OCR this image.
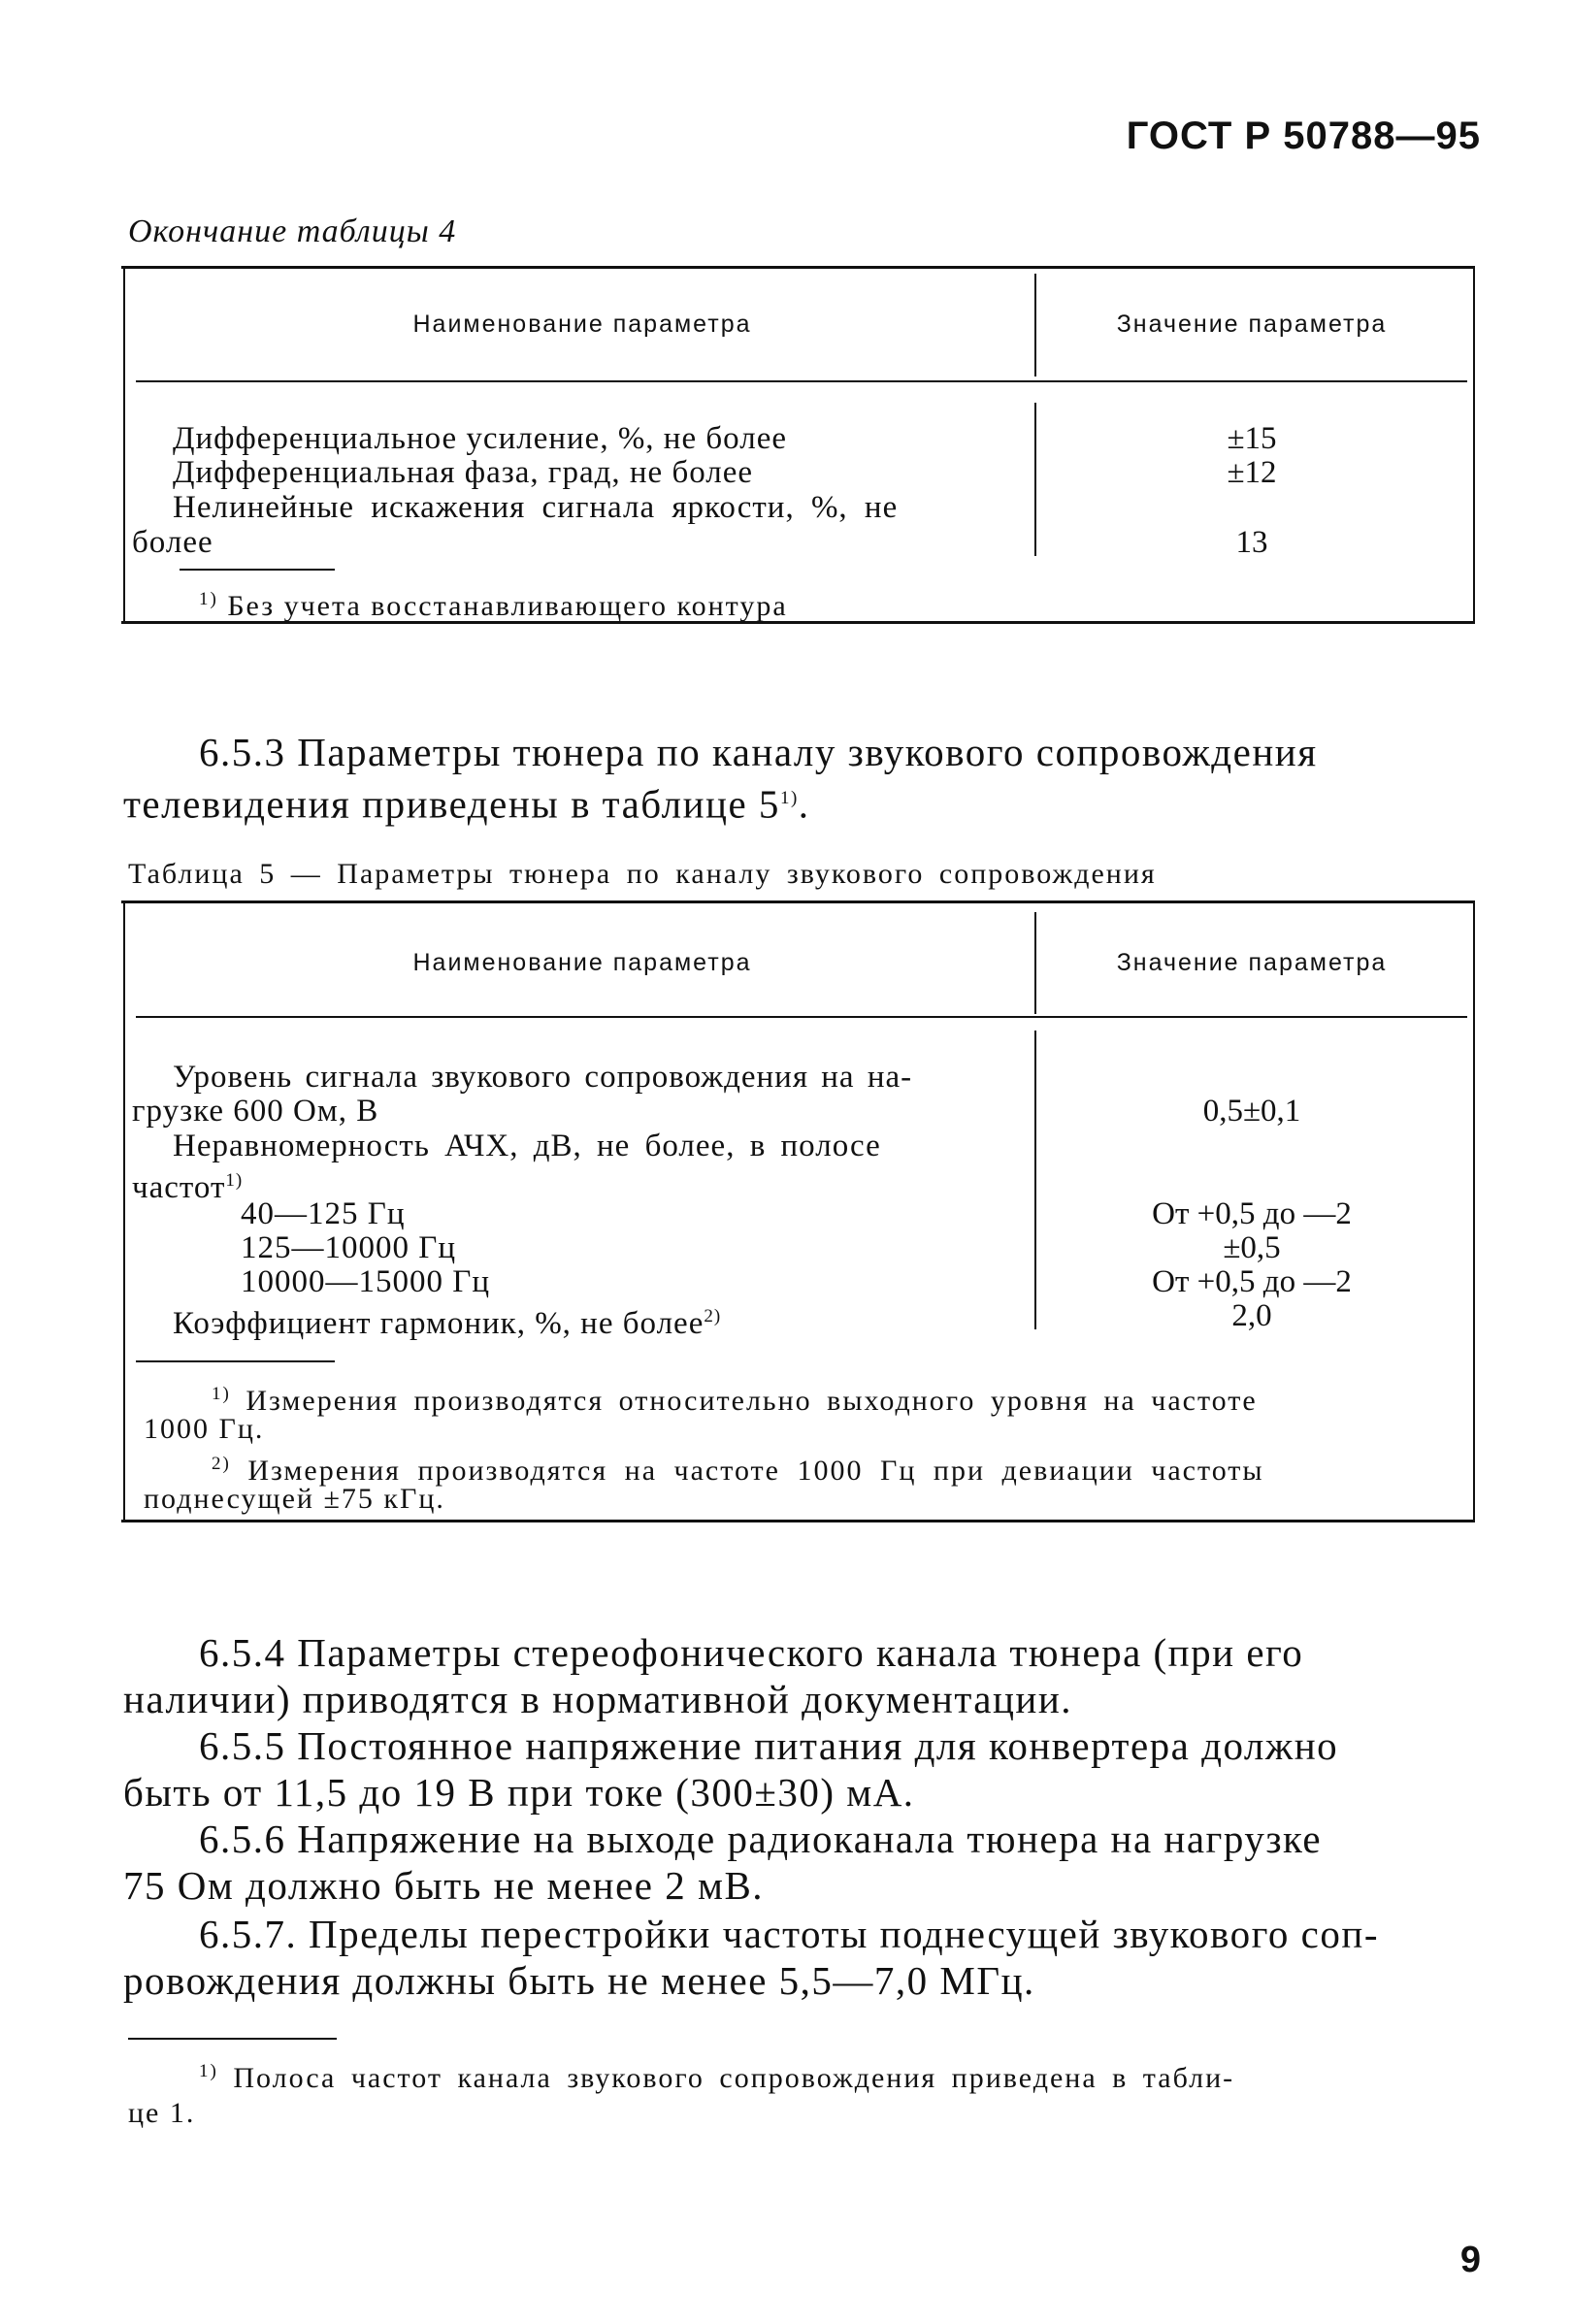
ГОСТ Р 50788—95
Окончание таблицы 4
Наименование параметра	Значение параметра
Дифференциальное усиление, %, не более	±15
Дифференциальная фаза, град, не более	±12
Нелинейные искажения сигнала яркости, %, не
более	13
$^{1)}$ Без учета восстанавливающего контура
6.5.3 Параметры тюнера по каналу звукового сопровождения
телевидения приведены в таблице 5$^{1)}$.
Таблица 5 — Параметры тюнера по каналу звукового сопровождения
Наименование параметра	Значение параметра
Уровень сигнала звукового сопровождения на на-
грузке 600 Ом, В	0,5±0,1
Неравномерность АЧХ, дВ, не более, в полосе
частот$^{1)}$
40—125 Гц	От +0,5 до —2
125—10000 Гц	±0,5
10000—15000 Гц	От +0,5 до —2
Коэффициент гармоник, %, не более$^{2)}$	2,0
$^{1)}$ Измерения производятся относительно выходного уровня на частоте
1000 Гц.
$^{2)}$ Измерения производятся на частоте 1000 Гц при девиации частоты
поднесущей ±75 кГц.
6.5.4 Параметры стереофонического канала тюнера (при его
наличии) приводятся в нормативной документации.
6.5.5 Постоянное напряжение питания для конвертера должно
быть от 11,5 до 19 В при токе (300±30) мА.
6.5.6 Напряжение на выходе радиоканала тюнера на нагрузке
75 Ом должно быть не менее 2 мВ.
6.5.7. Пределы перестройки частоты поднесущей звукового соп-
ровождения должны быть не менее 5,5—7,0 МГц.
$^{1)}$ Полоса частот канала звукового сопровождения приведена в табли-
це 1.
9
